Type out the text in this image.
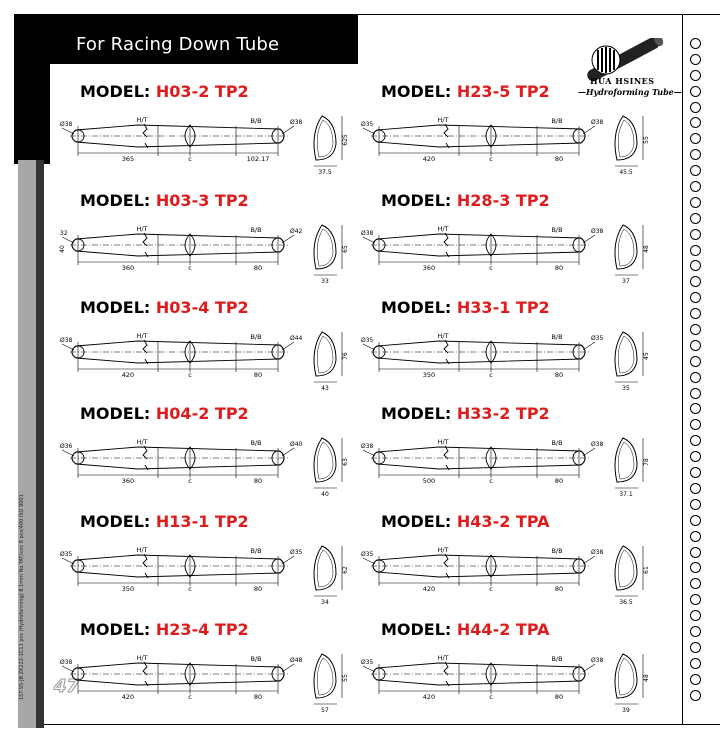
1ST-SS-JB ZK222-1C11 pcs (Hydroforming) 8.1mm No.TAT/xxx 8 pcs/400 ISO 9001
For Racing Down Tube
HUA HSINES
—Hydroforming Tube—
47
MODEL: H03-2 TP2
365	c	102.17
H/T	B/B
Ø38	Ø38
625
37.5
MODEL: H23-5 TP2
420	c	80
H/T	B/B
Ø35	Ø38
55
45.5
MODEL: H03-3 TP2
360	c	80
H/T	B/B
32	Ø42
40	65
33
MODEL: H28-3 TP2
360	c	80
H/T	B/B
Ø38	Ø38
48
37
MODEL: H03-4 TP2
420	c	80
H/T	B/B
Ø38	Ø44
76
43
MODEL: H33-1 TP2
350	c	80
H/T	B/B
Ø35	Ø35
45
35
MODEL: H04-2 TP2
360	c	80
H/T	B/B
Ø36	Ø40
63
40
MODEL: H33-2 TP2
500	c	80
H/T	B/B
Ø38	Ø38
78
37.1
MODEL: H13-1 TP2
350	c	80
H/T	B/B
Ø35	Ø35
62
34
MODEL: H43-2 TPA
420	c	80
H/T	B/B
Ø35	Ø38
61
36.5
MODEL: H23-4 TP2
420	c	80
H/T	B/B
Ø38	Ø48
55
57
MODEL: H44-2 TPA
420	c	80
H/T	B/B
Ø35	Ø38
48
39
